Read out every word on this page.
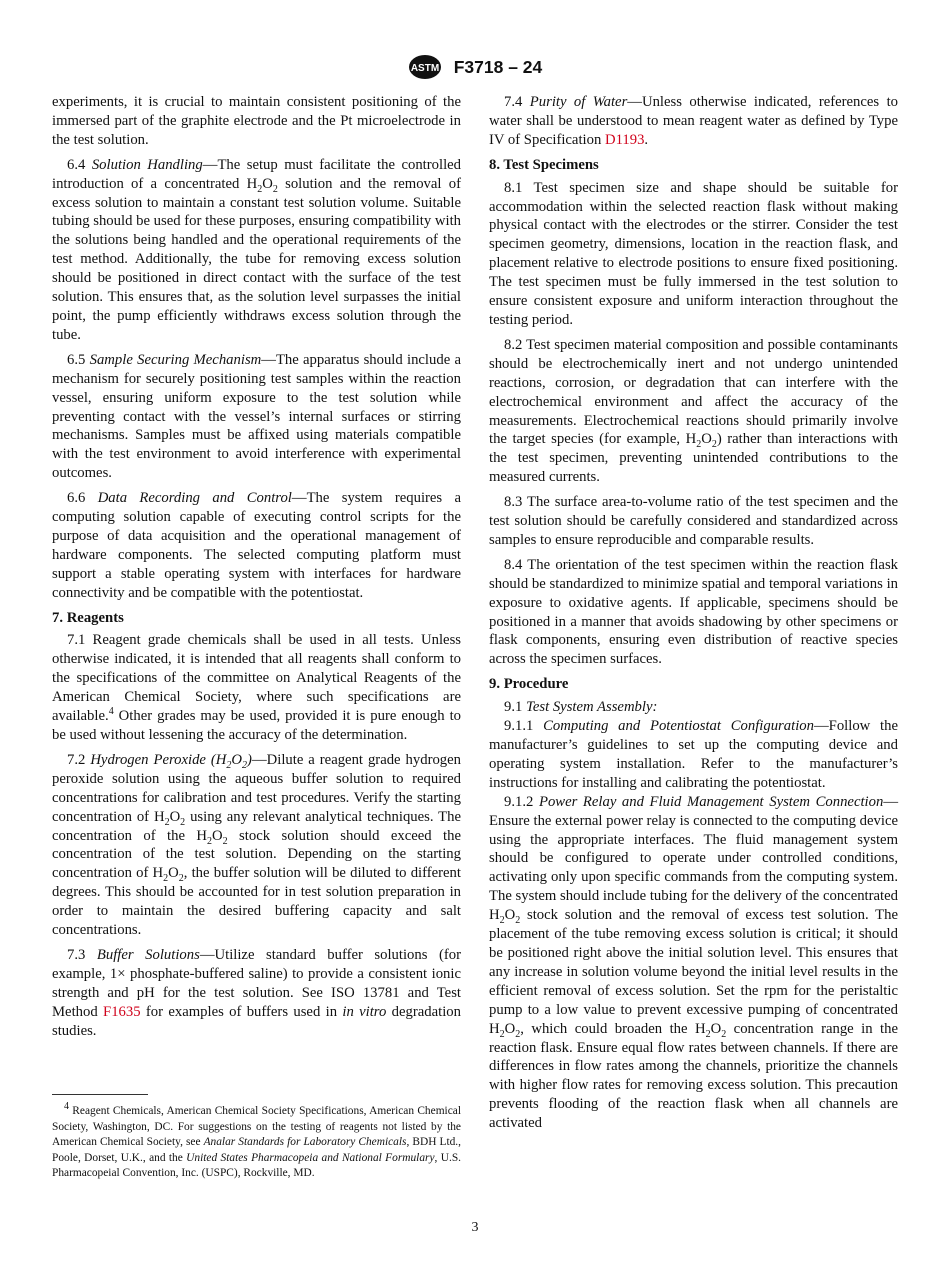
ASTM F3718 – 24

experiments, it is crucial to maintain consistent positioning of the immersed part of the graphite electrode and the Pt microelectrode in the test solution.

6.4 Solution Handling—The setup must facilitate the controlled introduction of a concentrated $H_2O_2$ solution and the removal of excess solution to maintain a constant test solution volume. Suitable tubing should be used for these purposes, ensuring compatibility with the solutions being handled and the operational requirements of the test method. Additionally, the tube for removing excess solution should be positioned in direct contact with the surface of the test solution. This ensures that, as the solution level surpasses the initial point, the pump efficiently withdraws excess solution through the tube.

6.5 Sample Securing Mechanism—The apparatus should include a mechanism for securely positioning test samples within the reaction vessel, ensuring uniform exposure to the test solution while preventing contact with the vessel’s internal surfaces or stirring mechanisms. Samples must be affixed using materials compatible with the test environment to avoid interference with experimental outcomes.

6.6 Data Recording and Control—The system requires a computing solution capable of executing control scripts for the purpose of data acquisition and the operational management of hardware components. The selected computing platform must support a stable operating system with interfaces for hardware connectivity and be compatible with the potentiostat.

7. Reagents

7.1 Reagent grade chemicals shall be used in all tests. Unless otherwise indicated, it is intended that all reagents shall conform to the specifications of the committee on Analytical Reagents of the American Chemical Society, where such specifications are available.$^4$ Other grades may be used, provided it is pure enough to be used without lessening the accuracy of the determination.

7.2 Hydrogen Peroxide $(H_2O_2)—Dilute$ a reagent grade hydrogen peroxide solution using the aqueous buffer solution to required concentrations for calibration and test procedures. Verify the starting concentration of $H_2O_2$ using any relevant analytical techniques. The concentration of the $H_2O_2$ stock solution should exceed the concentration of the test solution. Depending on the starting concentration of $H_2O_2$, the buffer solution will be diluted to different degrees. This should be accounted for in test solution preparation in order to maintain the desired buffering capacity and salt concentrations.

7.3 Buffer Solutions—Utilize standard buffer solutions (for example, 1× phosphate-buffered saline) to provide a consistent ionic strength and pH for the test solution. See ISO 13781 and Test Method F1635 for examples of buffers used in in vitro degradation studies.

7.4 Purity of Water—Unless otherwise indicated, references to water shall be understood to mean reagent water as defined by Type IV of Specification D1193.

8. Test Specimens

8.1 Test specimen size and shape should be suitable for accommodation within the selected reaction flask without making physical contact with the electrodes or the stirrer. Consider the test specimen geometry, dimensions, location in the reaction flask, and placement relative to electrode positions to ensure fixed positioning. The test specimen must be fully immersed in the test solution to ensure consistent exposure and uniform interaction throughout the testing period.

8.2 Test specimen material composition and possible contaminants should be electrochemically inert and not undergo unintended reactions, corrosion, or degradation that can interfere with the electrochemical environment and affect the accuracy of the measurements. Electrochemical reactions should primarily involve the target species (for example, $H_2O_2$) rather than interactions with the test specimen, preventing unintended contributions to the measured currents.

8.3 The surface area-to-volume ratio of the test specimen and the test solution should be carefully considered and standardized across samples to ensure reproducible and comparable results.

8.4 The orientation of the test specimen within the reaction flask should be standardized to minimize spatial and temporal variations in exposure to oxidative agents. If applicable, specimens should be positioned in a manner that avoids shadowing by other specimens or flask components, ensuring even distribution of reactive species across the specimen surfaces.

9. Procedure

9.1 Test System Assembly:

9.1.1 Computing and Potentiostat Configuration—Follow the manufacturer’s guidelines to set up the computing device and operating system installation. Refer to the manufacturer’s instructions for installing and calibrating the potentiostat.

9.1.2 Power Relay and Fluid Management System Connection—Ensure the external power relay is connected to the computing device using the appropriate interfaces. The fluid management system should be configured to operate under controlled conditions, activating only upon specific commands from the computing system. The system should include tubing for the delivery of the concentrated $H_2O_2$ stock solution and the removal of excess test solution. The placement of the tube removing excess solution is critical; it should be positioned right above the initial solution level. This ensures that any increase in solution volume beyond the initial level results in the efficient removal of excess solution. Set the rpm for the peristaltic pump to a low value to prevent excessive pumping of concentrated $H_2O_2$, which could broaden the $H_2O_2$ concentration range in the reaction flask. Ensure equal flow rates between channels. If there are differences in flow rates among the channels, prioritize the channels with higher flow rates for removing excess solution. This precaution prevents flooding of the reaction flask when all channels are activated

$^4$ Reagent Chemicals, American Chemical Society Specifications, American Chemical Society, Washington, DC. For suggestions on the testing of reagents not listed by the American Chemical Society, see Analar Standards for Laboratory Chemicals, BDH Ltd., Poole, Dorset, U.K., and the United States Pharmacopeia and National Formulary, U.S. Pharmacopeial Convention, Inc. (USPC), Rockville, MD.

3
